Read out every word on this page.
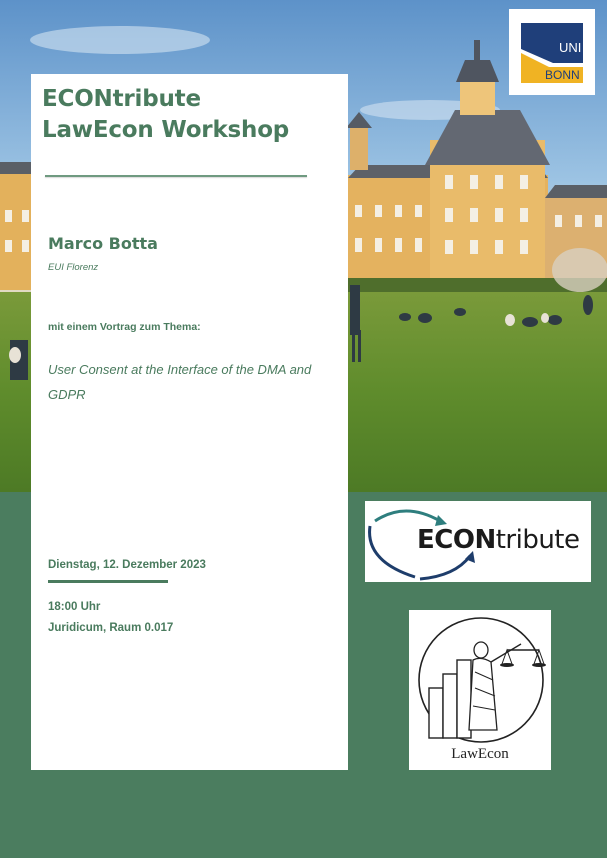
ECONtribute
LawEcon Workshop
Marco Botta
EUI Florenz
mit einem Vortrag zum Thema:
User Consent at the Interface of the DMA and GDPR
Dienstag, 12. Dezember 2023
18:00 Uhr
Juridicum, Raum 0.017
UNI
BONN
ECONtribute
LawEcon
